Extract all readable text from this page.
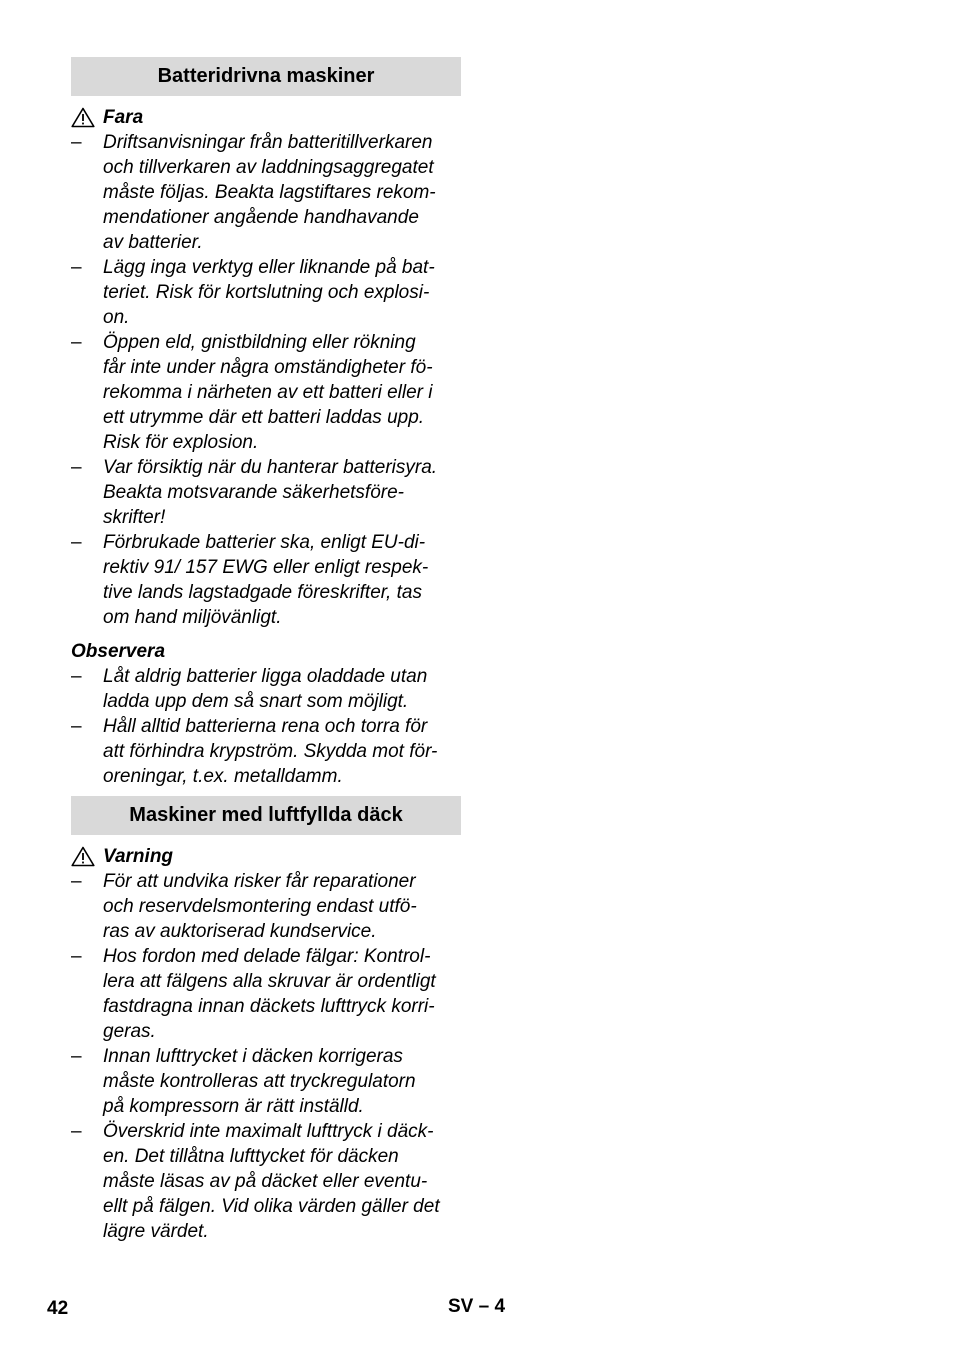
Batteridrivna maskiner
Fara
– Driftsanvisningar från batteritillverkaren
och tillverkaren av laddningsaggregatet
måste följas. Beakta lagstiftares rekom-
mendationer angående handhavande
av batterier.
– Lägg inga verktyg eller liknande på bat-
teriet. Risk för kortslutning och explosi-
on.
– Öppen eld, gnistbildning eller rökning
får inte under några omständigheter fö-
rekomma i närheten av ett batteri eller i
ett utrymme där ett batteri laddas upp.
Risk för explosion.
– Var försiktig när du hanterar batterisyra.
Beakta motsvarande säkerhetsföre-
skrifter!
– Förbrukade batterier ska, enligt EU-di-
rektiv 91/ 157 EWG eller enligt respek-
tive lands lagstadgade föreskrifter, tas
om hand miljövänligt.
Observera
– Låt aldrig batterier ligga oladdade utan
ladda upp dem så snart som möjligt.
– Håll alltid batterierna rena och torra för
att förhindra krypström. Skydda mot för-
oreningar, t.ex. metalldamm.
Maskiner med luftfyllda däck
Varning
– För att undvika risker får reparationer
och reservdelsmontering endast utfö-
ras av auktoriserad kundservice.
– Hos fordon med delade fälgar: Kontrol-
lera att fälgens alla skruvar är ordentligt
fastdragna innan däckets lufttryck korri-
geras.
– Innan lufttrycket i däcken korrigeras
måste kontrolleras att tryckregulatorn
på kompressorn är rätt inställd.
– Överskrid inte maximalt lufttryck i däck-
en. Det tillåtna lufttycket för däcken
måste läsas av på däcket eller eventu-
ellt på fälgen. Vid olika värden gäller det
lägre värdet.
42	SV – 4
